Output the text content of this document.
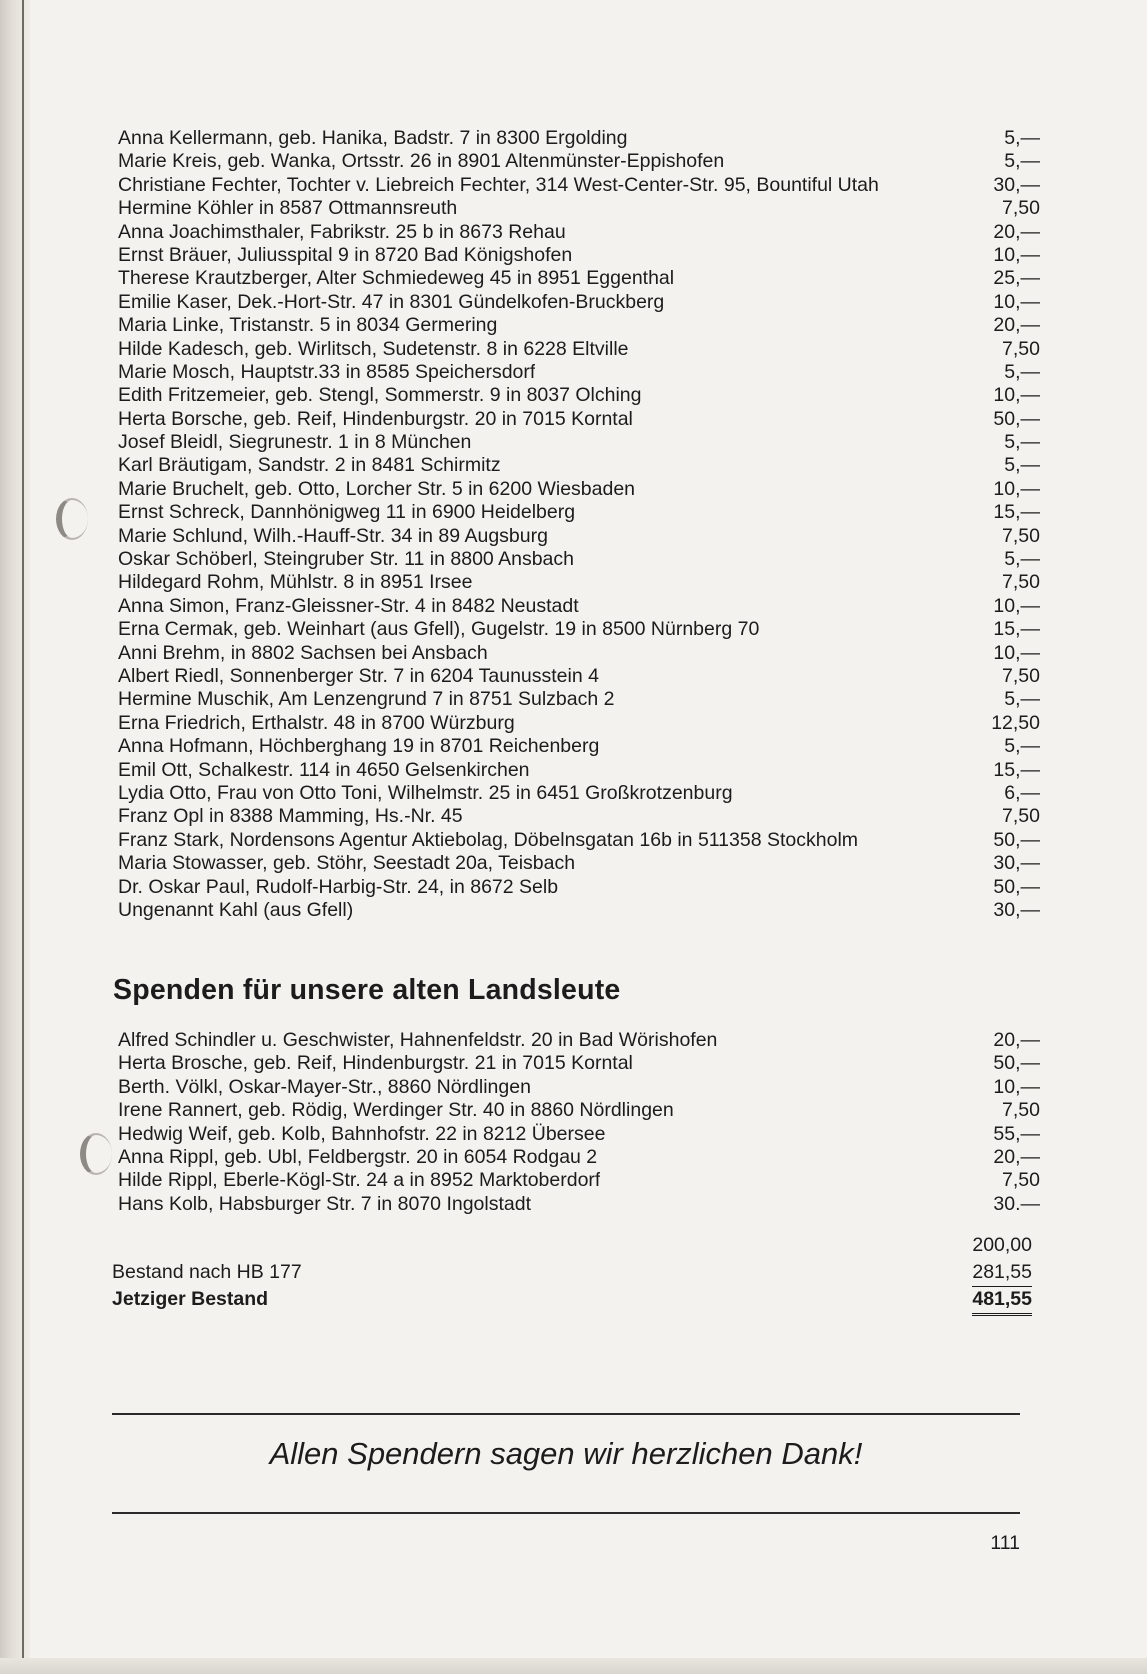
Anna Kellermann, geb. Hanika, Badstr. 7 in 8300 Ergolding	5,—
Marie Kreis, geb. Wanka, Ortsstr. 26 in 8901 Altenmünster-Eppishofen	5,—
Christiane Fechter, Tochter v. Liebreich Fechter, 314 West-Center-Str. 95, Bountiful Utah	30,—
Hermine Köhler in 8587 Ottmannsreuth	7,50
Anna Joachimsthaler, Fabrikstr. 25 b in 8673 Rehau	20,—
Ernst Bräuer, Juliusspital 9 in 8720 Bad Königshofen	10,—
Therese Krautzberger, Alter Schmiedeweg 45 in 8951 Eggenthal	25,—
Emilie Kaser, Dek.-Hort-Str. 47 in 8301 Gündelkofen-Bruckberg	10,—
Maria Linke, Tristanstr. 5 in 8034 Germering	20,—
Hilde Kadesch, geb. Wirlitsch, Sudetenstr. 8 in 6228 Eltville	7,50
Marie Mosch, Hauptstr.33 in 8585 Speichersdorf	5,—
Edith Fritzemeier, geb. Stengl, Sommerstr. 9 in 8037 Olching	10,—
Herta Borsche, geb. Reif, Hindenburgstr. 20 in 7015 Korntal	50,—
Josef Bleidl, Siegrunestr. 1 in 8 München	5,—
Karl Bräutigam, Sandstr. 2 in 8481 Schirmitz	5,—
Marie Bruchelt, geb. Otto, Lorcher Str. 5 in 6200 Wiesbaden	10,—
Ernst Schreck, Dannhönigweg 11 in 6900 Heidelberg	15,—
Marie Schlund, Wilh.-Hauff-Str. 34 in 89 Augsburg	7,50
Oskar Schöberl, Steingruber Str. 11 in 8800 Ansbach	5,—
Hildegard Rohm, Mühlstr. 8 in 8951 Irsee	7,50
Anna Simon, Franz-Gleissner-Str. 4 in 8482 Neustadt	10,—
Erna Cermak, geb. Weinhart (aus Gfell), Gugelstr. 19 in 8500 Nürnberg 70	15,—
Anni Brehm, in 8802 Sachsen bei Ansbach	10,—
Albert Riedl, Sonnenberger Str. 7 in 6204 Taunusstein 4	7,50
Hermine Muschik, Am Lenzengrund 7 in 8751 Sulzbach 2	5,—
Erna Friedrich, Erthalstr. 48 in 8700 Würzburg	12,50
Anna Hofmann, Höchberghang 19 in 8701 Reichenberg	5,—
Emil Ott, Schalkestr. 114 in 4650 Gelsenkirchen	15,—
Lydia Otto, Frau von Otto Toni, Wilhelmstr. 25 in 6451 Großkrotzenburg	6,—
Franz Opl in 8388 Mamming, Hs.-Nr. 45	7,50
Franz Stark, Nordensons Agentur Aktiebolag, Döbelnsgatan 16b in 511358 Stockholm	50,—
Maria Stowasser, geb. Stöhr, Seestadt 20a, Teisbach	30,—
Dr. Oskar Paul, Rudolf-Harbig-Str. 24, in 8672 Selb	50,—
Ungenannt Kahl (aus Gfell)	30,—
Spenden für unsere alten Landsleute
Alfred Schindler u. Geschwister, Hahnenfeldstr. 20 in Bad Wörishofen	20,—
Herta Brosche, geb. Reif, Hindenburgstr. 21 in 7015 Korntal	50,—
Berth. Völkl, Oskar-Mayer-Str., 8860 Nördlingen	10,—
Irene Rannert, geb. Rödig, Werdinger Str. 40 in 8860 Nördlingen	7,50
Hedwig Weif, geb. Kolb, Bahnhofstr. 22 in 8212 Übersee	55,—
Anna Rippl, geb. Ubl, Feldbergstr. 20 in 6054 Rodgau 2	20,—
Hilde Rippl, Eberle-Kögl-Str. 24 a in 8952 Marktoberdorf	7,50
Hans Kolb, Habsburger Str. 7 in 8070 Ingolstadt	30.—
200,00
Bestand nach HB 177	281,55
Jetziger Bestand	481,55

Allen Spendern sagen wir herzlichen Dank!

111
